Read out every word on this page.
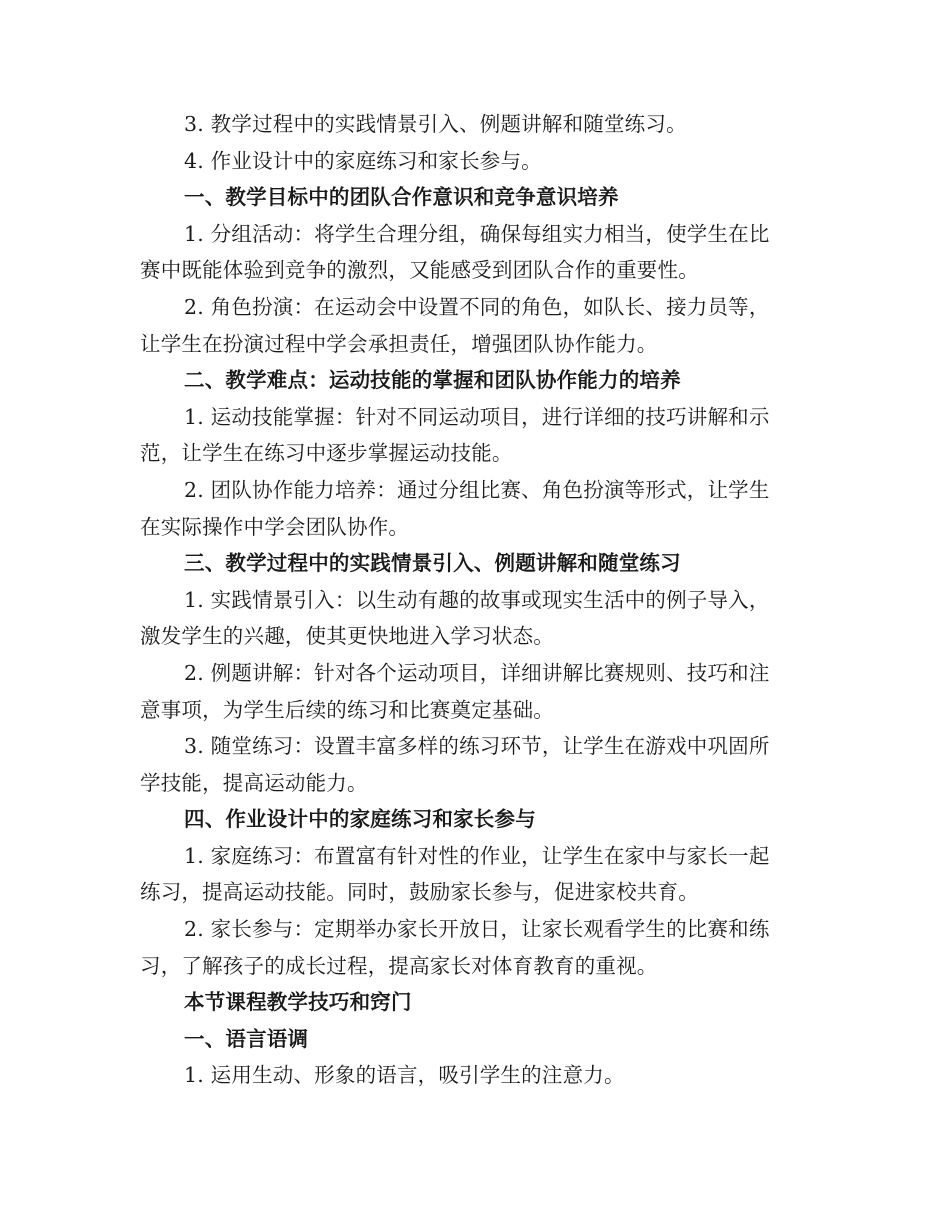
3. 教学过程中的实践情景引入、例题讲解和随堂练习。
4. 作业设计中的家庭练习和家长参与。
一、教学目标中的团队合作意识和竞争意识培养
1. 分组活动：将学生合理分组，确保每组实力相当，使学生在比
赛中既能体验到竞争的激烈，又能感受到团队合作的重要性。
2. 角色扮演：在运动会中设置不同的角色，如队长、接力员等，
让学生在扮演过程中学会承担责任，增强团队协作能力。
二、教学难点：运动技能的掌握和团队协作能力的培养
1. 运动技能掌握：针对不同运动项目，进行详细的技巧讲解和示
范，让学生在练习中逐步掌握运动技能。
2. 团队协作能力培养：通过分组比赛、角色扮演等形式，让学生
在实际操作中学会团队协作。
三、教学过程中的实践情景引入、例题讲解和随堂练习
1. 实践情景引入：以生动有趣的故事或现实生活中的例子导入，
激发学生的兴趣，使其更快地进入学习状态。
2. 例题讲解：针对各个运动项目，详细讲解比赛规则、技巧和注
意事项，为学生后续的练习和比赛奠定基础。
3. 随堂练习：设置丰富多样的练习环节，让学生在游戏中巩固所
学技能，提高运动能力。
四、作业设计中的家庭练习和家长参与
1. 家庭练习：布置富有针对性的作业，让学生在家中与家长一起
练习，提高运动技能。同时，鼓励家长参与，促进家校共育。
2. 家长参与：定期举办家长开放日，让家长观看学生的比赛和练
习，了解孩子的成长过程，提高家长对体育教育的重视。
本节课程教学技巧和窍门
一、语言语调
1. 运用生动、形象的语言，吸引学生的注意力。
